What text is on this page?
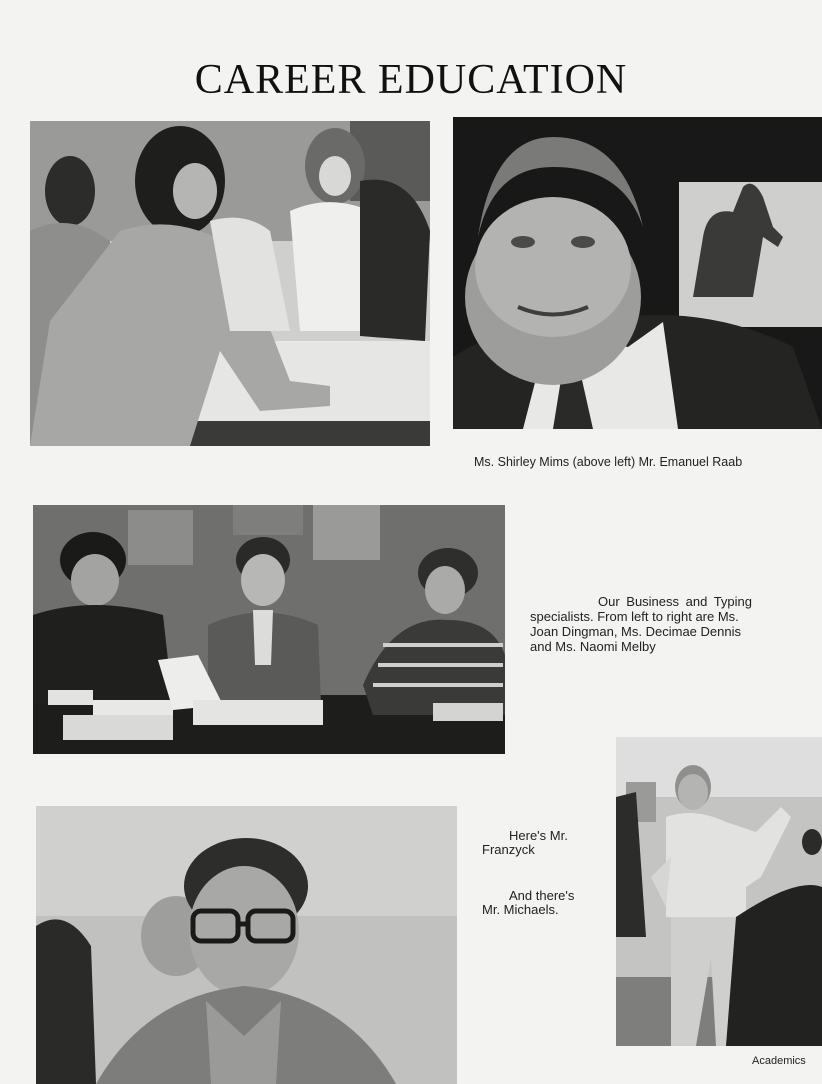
CAREER EDUCATION
Ms. Shirley Mims (above left) Mr. Emanuel Raab
Our Business and Typing
specialists. From left to right are Ms.
Joan Dingman, Ms. Decimae Dennis
and Ms. Naomi Melby
Here's Mr.
Franzyck
And there's
Mr. Michaels.
Academics
